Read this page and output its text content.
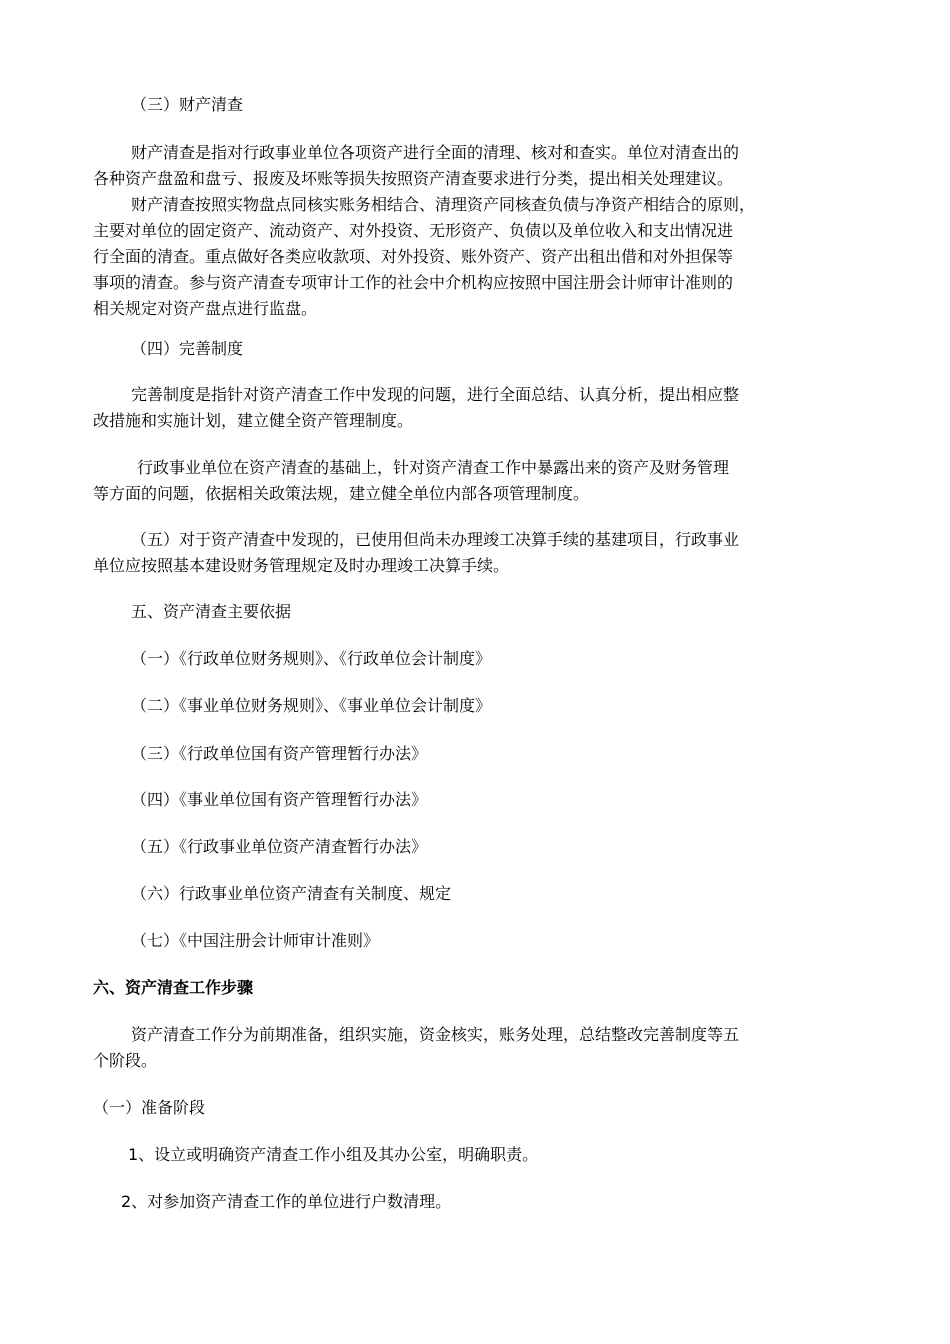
（三）财产清查

财产清查是指对行政事业单位各项资产进行全面的清理、核对和查实。单位对清查出的

各种资产盘盈和盘亏、报废及坏账等损失按照资产清查要求进行分类，提出相关处理建议。

财产清查按照实物盘点同核实账务相结合、清理资产同核查负债与净资产相结合的原则，

主要对单位的固定资产、流动资产、对外投资、无形资产、负债以及单位收入和支出情况进

行全面的清查。重点做好各类应收款项、对外投资、账外资产、资产出租出借和对外担保等

事项的清查。参与资产清查专项审计工作的社会中介机构应按照中国注册会计师审计准则的

相关规定对资产盘点进行监盘。

（四）完善制度

完善制度是指针对资产清查工作中发现的问题，进行全面总结、认真分析，提出相应整

改措施和实施计划，建立健全资产管理制度。

行政事业单位在资产清查的基础上，针对资产清查工作中暴露出来的资产及财务管理

等方面的问题，依据相关政策法规，建立健全单位内部各项管理制度。

（五）对于资产清查中发现的，已使用但尚未办理竣工决算手续的基建项目，行政事业

单位应按照基本建设财务管理规定及时办理竣工决算手续。

五、资产清查主要依据

（一）《行政单位财务规则》、《行政单位会计制度》

（二）《事业单位财务规则》、《事业单位会计制度》

（三）《行政单位国有资产管理暂行办法》

（四）《事业单位国有资产管理暂行办法》

（五）《行政事业单位资产清查暂行办法》

（六）行政事业单位资产清查有关制度、规定

（七）《中国注册会计师审计准则》

六、资产清查工作步骤

资产清查工作分为前期准备，组织实施，资金核实，账务处理，总结整改完善制度等五

个阶段。

（一）准备阶段

1、设立或明确资产清查工作小组及其办公室，明确职责。

2、对参加资产清查工作的单位进行户数清理。
